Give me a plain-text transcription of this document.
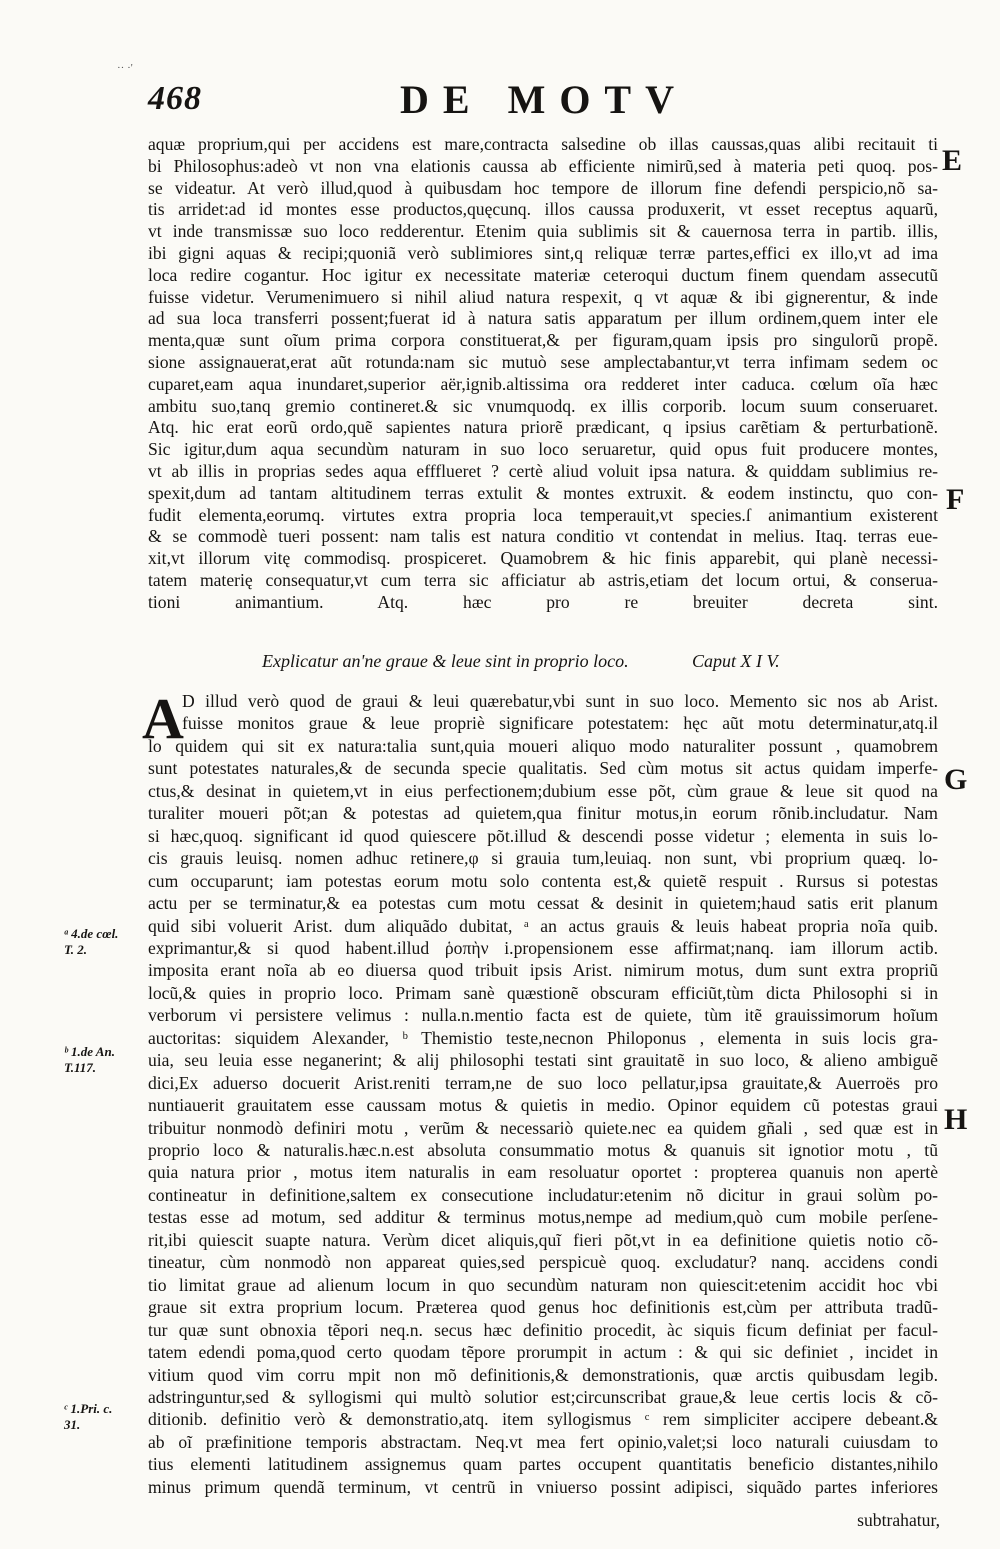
·· ·'
468	DE MOTV
aquæ proprium,qui per accidens est mare,contracta salsedine ob illas caussas,quas alibi recitauit ti
bi Philosophus:adeò vt non vna elationis caussa ab efficiente nimirũ,sed à materia peti quoq. pos-
se videatur. At verò illud,quod à quibusdam hoc tempore de illorum fine defendi perspicio,nõ sa-
tis arridet:ad id montes esse productos,quęcunq. illos caussa produxerit, vt esset receptus aquarũ,
vt inde transmissæ suo loco redderentur. Etenim quia sublimis sit & cauernosa terra in partib. illis,
ibi gigni aquas & recipi;quoniã verò sublimiores sint,q reliquæ terræ partes,effici ex illo,vt ad ima
loca redire cogantur. Hoc igitur ex necessitate materiæ ceteroqui ductum finem quendam assecutũ
fuisse videtur. Verumenimuero si nihil aliud natura respexit, q vt aquæ & ibi gignerentur, & inde
ad sua loca transferri possent;fuerat id à natura satis apparatum per illum ordinem,quem inter ele
menta,quæ sunt oĩum prima corpora constituerat,& per figuram,quam ipsis pro singulorũ propẽ.
sione assignauerat,erat aũt rotunda:nam sic mutuò sese amplectabantur,vt terra infimam sedem oc
cuparet,eam aqua inundaret,superior aër,ignib.altissima ora redderet inter caduca. cœlum oĩa hæc
ambitu suo,tanq gremio contineret.& sic vnumquodq. ex illis corporib. locum suum conseruaret.
Atq. hic erat eorũ ordo,quẽ sapientes natura priorẽ prædicant, q ipsius carẽtiam & perturbationẽ.
Sic igitur,dum aqua secundùm naturam in suo loco seruaretur, quid opus fuit producere montes,
vt ab illis in proprias sedes aqua effflueret ? certè aliud voluit ipsa natura. & quiddam sublimius re-
spexit,dum ad tantam altitudinem terras extulit & montes extruxit. & eodem instinctu, quo con-
fudit elementa,eorumq. virtutes extra propria loca temperauit,vt species.ſ animantium existerent
& se commodè tueri possent: nam talis est natura conditio vt contendat in melius. Itaq. terras eue-
xit,vt illorum vitę commodisq. prospiceret. Quamobrem & hic finis apparebit, qui planè necessi-
tatem materię consequatur,vt cum terra sic afficiatur ab astris,etiam det locum ortui, & conserua-
tioni animantium. Atq. hæc pro re breuiter decreta sint.
Explicatur an'ne graue & leue sint in proprio loco.	Caput X I V.
A
D illud verò quod de graui & leui quærebatur,vbi sunt in suo loco. Memento sic nos ab Arist.
fuisse monitos graue & leue propriè significare potestatem: hęc aũt motu determinatur,atq.il
lo quidem qui sit ex natura:talia sunt,quia moueri aliquo modo naturaliter possunt , quamobrem
sunt potestates naturales,& de secunda specie qualitatis. Sed cùm motus sit actus quidam imperfe-
ctus,& desinat in quietem,vt in eius perfectionem;dubium esse põt, cùm graue & leue sit quod na
turaliter moueri põt;an & potestas ad quietem,qua finitur motus,in eorum rõnib.includatur. Nam
si hæc,quoq. significant id quod quiescere põt.illud & descendi posse videtur ; elementa in suis lo-
cis grauis leuisq. nomen adhuc retinere,φ si grauia tum,leuiaq. non sunt, vbi proprium quæq. lo-
cum occuparunt; iam potestas eorum motu solo contenta est,& quietẽ respuit . Rursus si potestas
actu per se terminatur,& ea potestas cum motu cessat & desinit in quietem;haud satis erit planum
quid sibi voluerit Arist. dum aliquãdo dubitat, ᵃ an actus grauis & leuis habeat propria noĩa quib.
exprimantur,& si quod habent.illud ῥοπὴν i.propensionem esse affirmat;nanq. iam illorum actib.
imposita erant noĩa ab eo diuersa quod tribuit ipsis Arist. nimirum motus, dum sunt extra propriũ
locũ,& quies in proprio loco. Primam sanè quæstionẽ obscuram efficiũt,tùm dicta Philosophi si in
verborum vi persistere velimus : nulla.n.mentio facta est de quiete, tùm itẽ grauissimorum hoĩum
auctoritas: siquidem Alexander, ᵇ Themistio teste,necnon Philoponus , elementa in suis locis gra-
uia, seu leuia esse neganerint; & alij philosophi testati sint grauitatẽ in suo loco, & alieno ambiguẽ
dici,Ex aduerso docuerit Arist.reniti terram,ne de suo loco pellatur,ipsa grauitate,& Auerroës pro
nuntiauerit grauitatem esse caussam motus & quietis in medio. Opinor equidem cũ potestas graui
tribuitur nonmodò definiri motu , verũm & necessariò quiete.nec ea quidem gñali , sed quæ est in
proprio loco & naturalis.hæc.n.est absoluta consummatio motus & quanuis sit ignotior motu , tũ
quia natura prior , motus item naturalis in eam resoluatur oportet : propterea quanuis non apertè
contineatur in definitione,saltem ex consecutione includatur:etenim nõ dicitur in graui solùm po-
testas esse ad motum, sed additur & terminus motus,nempe ad medium,quò cum mobile perſene-
rit,ibi quiescit suapte natura. Verùm dicet aliquis,quĩ fieri põt,vt in ea definitione quietis notio cõ-
tineatur, cùm nonmodò non appareat quies,sed perspicuè quoq. excludatur? nanq. accidens condi
tio limitat graue ad alienum locum in quo secundùm naturam non quiescit:etenim accidit hoc vbi
graue sit extra proprium locum. Præterea quod genus hoc definitionis est,cùm per attributa tradũ-
tur quæ sunt obnoxia tẽpori neq.n. secus hæc definitio procedit, àc siquis ficum definiat per facul-
tatem edendi poma,quod certo quodam tẽpore prorumpit in actum : & qui sic definiet , incidet in
vitium quod vim corru mpit non mõ definitionis,& demonstrationis, quæ arctis quibusdam legib.
adstringuntur,sed & syllogismi qui multò solutior est;circunscribat graue,& leue certis locis & cõ-
ditionib. definitio verò & demonstratio,atq. item syllogismus ᶜ rem simpliciter accipere debeant.&
ab oĩ præfinitione temporis abstractam. Neq.vt mea fert opinio,valet;si loco naturali cuiusdam to
tius elementi latitudinem assignemus quam partes occupent quantitatis beneficio distantes,nihilo
minus primum quendã terminum, vt centrũ in vniuerso possint adipisci, siquãdo partes inferiores
E
F
G
H
ᵃ 4.de cœl.
T. 2.
ᵇ 1.de An.
T.117.
ᶜ 1.Pri. c.
31.
subtrahatur,
